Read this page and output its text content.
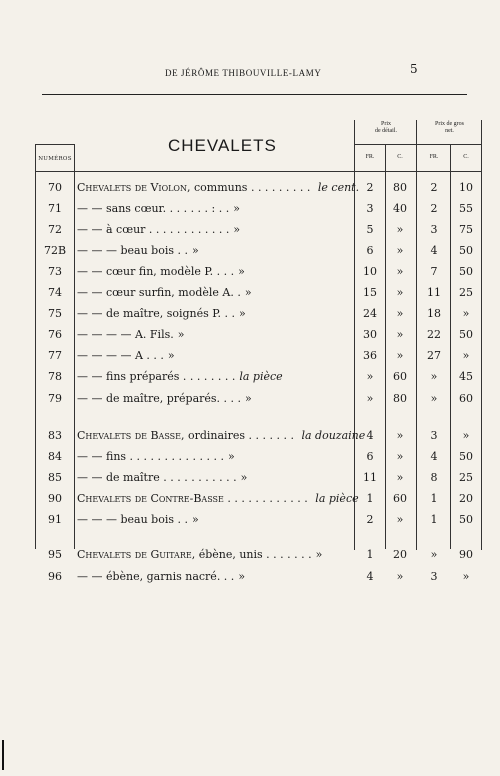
DE JÉRÔME THIBOUVILLE-LAMY	5
CHEVALETS
NUMÉROS
Prix
de détail.
Prix de gros
net.
FR.	C.	FR.	C.
70	Chevalets de Violon, communs . . . . . . . . . le cent. 2	80	2	10
71	— — sans cœur. . . . . . . : . . »	3	40	2	55
72	— — à cœur . . . . . . . . . . . . »	5	»	3	75
72B — — — beau bois . . »	6	»	4	50
73	— — cœur fin, modèle P. . . . »	10	»	7	50
74	— — cœur surfin, modèle A. . »	15	»	11	25
75	— — de maître, soignés P. . . »	24	»	18	»
76	— — — — A. Fils. »	30	»	22	50
77	— — — — A . . . »	36	»	27	»
78	— — fins préparés . . . . . . . . la pièce	»	60	»	45
79	— — de maître, préparés. . . . »	»	80	»	60
83	Chevalets de Basse, ordinaires . . . . . . . la douzaine 4	»	3	»
84	— — fins . . . . . . . . . . . . . . »	6	»	4	50
85	— — de maître . . . . . . . . . . . »	11	»	8	25
90	Chevalets de Contre-Basse . . . . . . . . . . . . la pièce 1	60	1	20
91	— — — beau bois . . »	2	»	1	50
95	Chevalets de Guitare, ébène, unis . . . . . . . »	1	20	»	90
96	— — ébène, garnis nacré. . . »	4	»	3	»
